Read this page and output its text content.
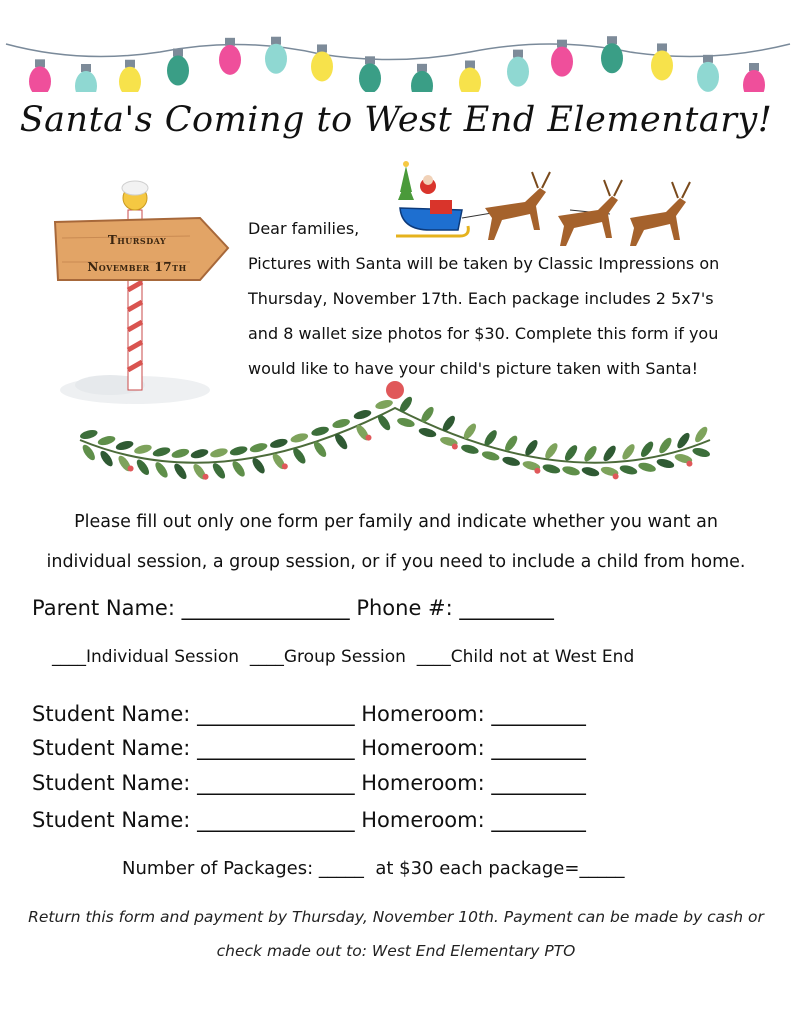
Santa's Coming to West End Elementary!
Thursday
November 17th
Dear families,
Pictures with Santa will be taken by Classic Impressions on
Thursday, November 17th. Each package includes 2 5x7's
and 8 wallet size photos for $30. Complete this form if you
would like to have your child's picture taken with Santa!
Please fill out only one form per family and indicate whether you want an
individual session, a group session, or if you need to include a child from home.
Parent Name: ________________ Phone #: _________
____Individual Session ____Group Session ____Child not at West End
Student Name: _______________ Homeroom: _________
Student Name: _______________ Homeroom: _________
Student Name: _______________ Homeroom: _________
Student Name: _______________ Homeroom: _________
Number of Packages: _____ at $30 each package=_____
Return this form and payment by Thursday, November 10th. Payment can be made by cash or
check made out to: West End Elementary PTO
